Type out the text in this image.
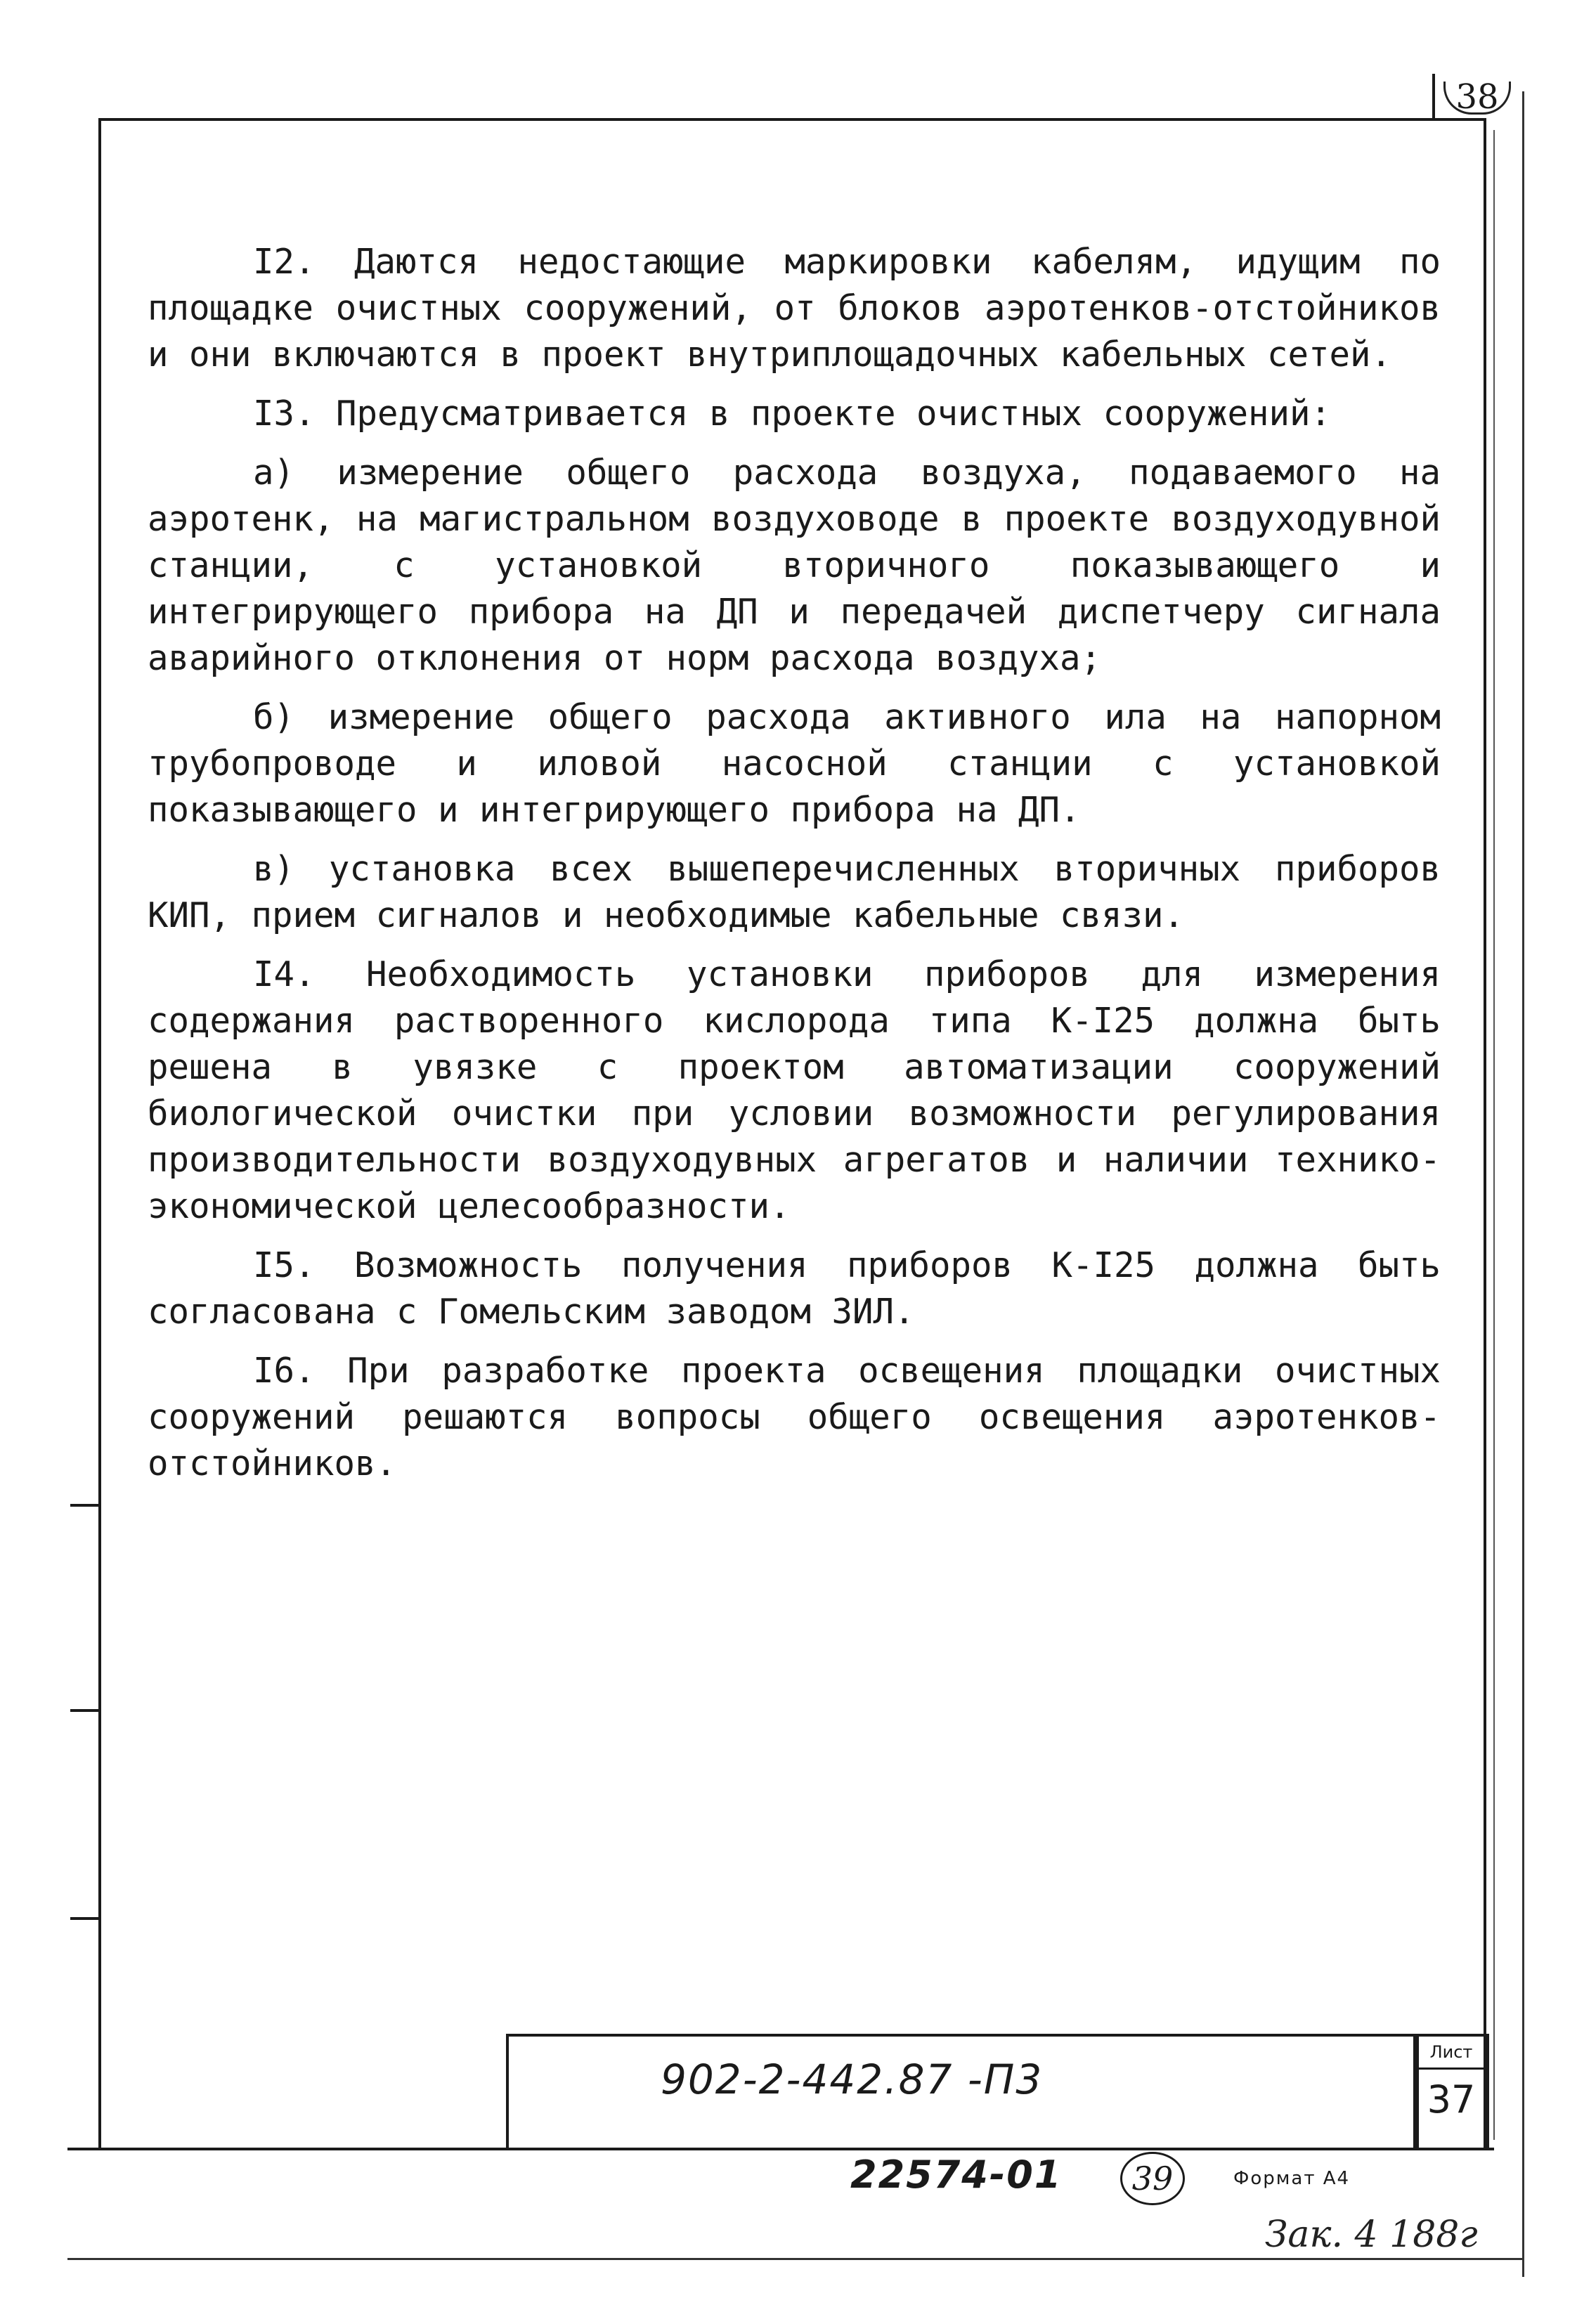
38

I2. Даются недостающие маркировки кабелям, идущим по площадке очистных сооружений, от блоков аэротенков-отстойников и они включаются в проект внутриплощадочных кабельных сетей.

I3. Предусматривается в проекте очистных сооружений:

а) измерение общего расхода воздуха, подаваемого на аэротенк, на магистральном воздуховоде в проекте воздуходувной станции, с установкой вторичного показывающего и интегрирующего прибора на ДП и передачей диспетчеру сигнала аварийного отклонения от норм расхода воздуха;

б) измерение общего расхода активного ила на напорном трубопроводе и иловой насосной станции с установкой показывающего и интегрирующего прибора на ДП.

в) установка всех вышеперечисленных вторичных приборов КИП, прием сигналов и необходимые кабельные связи.

I4. Необходимость установки приборов для измерения содержания растворенного кислорода типа К-I25 должна быть решена в увязке с проектом автоматизации сооружений биологической очистки при условии возможности регулирования производительности воздуходувных агрегатов и наличии технико-экономической целесообразности.

I5. Возможность получения приборов К-I25 должна быть согласована с Гомельским заводом ЗИЛ.

I6. При разработке проекта освещения площадки очистных сооружений решаются вопросы общего освещения аэротенков-отстойников.

902-2-442.87 -П3
Лист
37
22574-01	39	Формат А4
Зак. 4 188г
